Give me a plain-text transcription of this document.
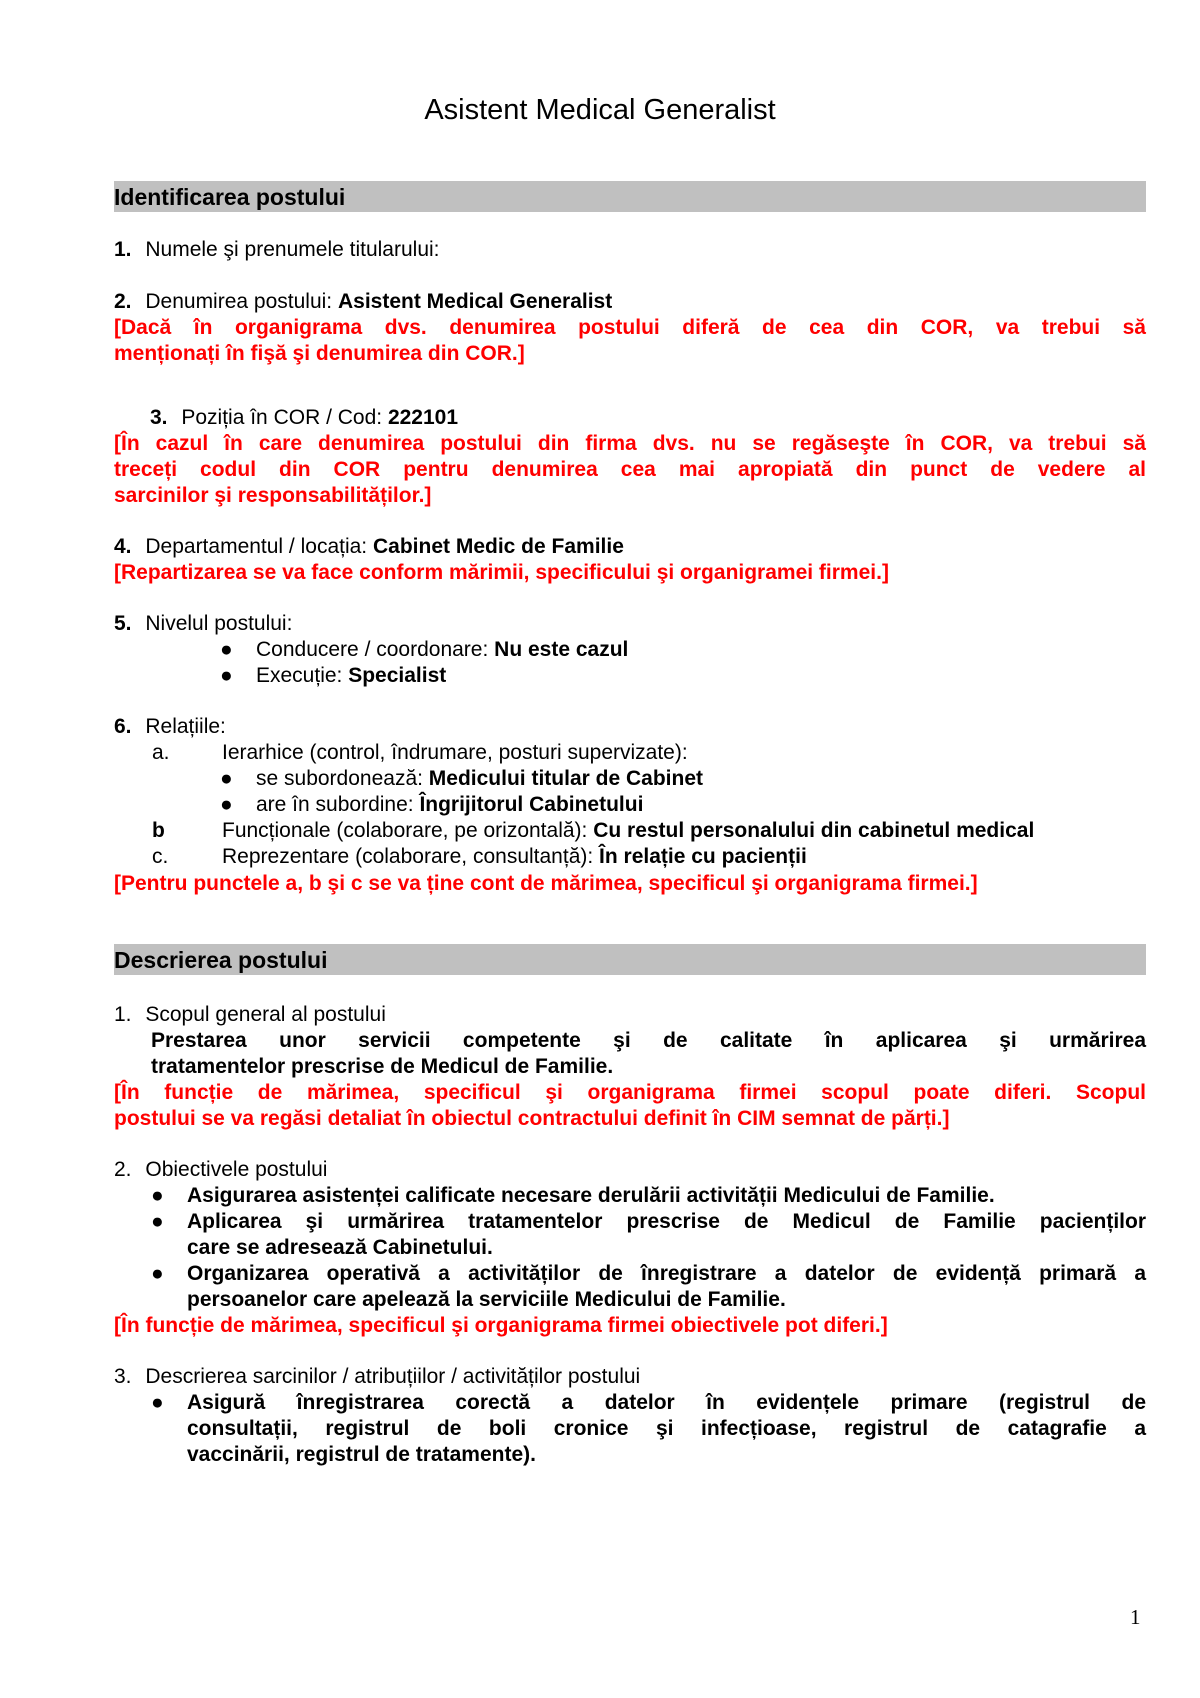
Asistent Medical Generalist
Identificarea postului
1. Numele şi prenumele titularului:
2. Denumirea postului: Asistent Medical Generalist
[Dacă în organigrama dvs. denumirea postului diferă de cea din COR, va trebui să
menționați în fişă şi denumirea din COR.]
3. Poziția în COR / Cod: 222101
[În cazul în care denumirea postului din firma dvs. nu se regăseşte în COR, va trebui să
treceți codul din COR pentru denumirea cea mai apropiată din punct de vedere al
sarcinilor şi responsabilităților.]
4. Departamentul / locația: Cabinet Medic de Familie
[Repartizarea se va face conform mărimii, specificului şi organigramei firmei.]
5. Nivelul postului:
● Conducere / coordonare: Nu este cazul
● Execuție: Specialist
6. Relațiile:
a. Ierarhice (control, îndrumare, posturi supervizate):
● se subordonează: Medicului titular de Cabinet
● are în subordine: Îngrijitorul Cabinetului
b	Funcționale (colaborare, pe orizontală): Cu restul personalului din cabinetul medical
c.	Reprezentare (colaborare, consultanță): În relație cu pacienții
[Pentru punctele a, b şi c se va ține cont de mărimea, specificul şi organigrama firmei.]
Descrierea postului
1. Scopul general al postului
Prestarea unor servicii competente şi de calitate în aplicarea şi urmărirea
tratamentelor prescrise de Medicul de Familie.
[În funcție de mărimea, specificul şi organigrama firmei scopul poate diferi. Scopul
postului se va regăsi detaliat în obiectul contractului definit în CIM semnat de părți.]
2. Obiectivele postului
● Asigurarea asistenței calificate necesare derulării activității Medicului de Familie.
● Aplicarea şi urmărirea tratamentelor prescrise de Medicul de Familie pacienților
care se adresează Cabinetului.
● Organizarea operativă a activităților de înregistrare a datelor de evidență primară a
persoanelor care apelează la serviciile Medicului de Familie.
[În funcție de mărimea, specificul şi organigrama firmei obiectivele pot diferi.]
3. Descrierea sarcinilor / atribuțiilor / activităților postului
● Asigură înregistrarea corectă a datelor în evidențele primare (registrul de
consultații, registrul de boli cronice şi infecțioase, registrul de catagrafie a
vaccinării, registrul de tratamente).
1
